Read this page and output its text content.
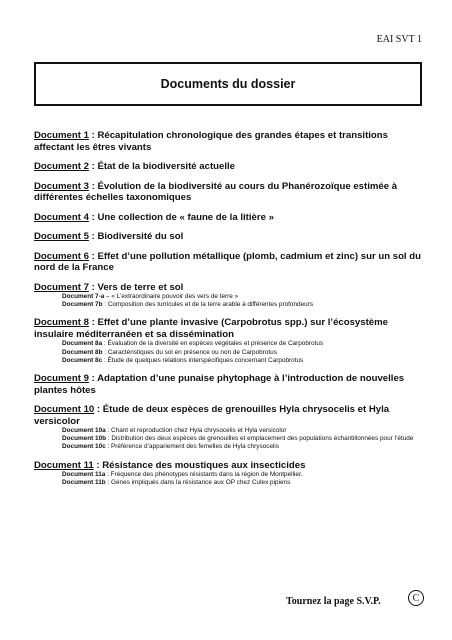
EAI SVT 1
Documents du dossier
Document 1 : Récapitulation chronologique des grandes étapes et transitions affectant les êtres vivants
Document 2 : État de la biodiversité actuelle
Document 3 : Évolution de la biodiversité au cours du Phanérozoïque estimée à différentes échelles taxonomiques
Document 4 : Une collection de « faune de la litière »
Document 5 : Biodiversité du sol
Document 6 : Effet d’une pollution métallique (plomb, cadmium et zinc) sur un sol du nord de la France
Document 7 : Vers de terre et sol
Document 7-a – « L’extraordinaire pouvoir des vers de terre »
Document 7b : Composition des turricules et de la terre arable à différentes profondeurs
Document 8 : Effet d’une plante invasive (Carpobrotus spp.) sur l’écosystème insulaire méditerranéen et sa dissémination
Document 8a : Évaluation de la diversité en espèces végétales et présence de Carpobrotus
Document 8b : Caractéristiques du sol en présence ou non de Carpobrotus
Document 8c : Étude de quelques relations interspécifiques concernant Carpobrotus
Document 9 : Adaptation d’une punaise phytophage à l’introduction de nouvelles plantes hôtes
Document 10 : Étude de deux espèces de grenouilles Hyla chrysocelis et Hyla versicolor
Document 10a : Chant et reproduction chez Hyla chrysocelis et Hyla versicolor
Document 10b : Distribution des deux espèces de grenouilles et emplacement des populations échantillonnées pour l’étude
Document 10c : Préférence d’appariement des femelles de Hyla chrysocelis
Document 11 : Résistance des moustiques aux insecticides
Document 11a : Fréquence des phénotypes résistants dans la région de Montpellier.
Document 11b : Gènes impliqués dans la résistance aux OP chez Culex pipiens
Tournez la page S.V.P.	C
